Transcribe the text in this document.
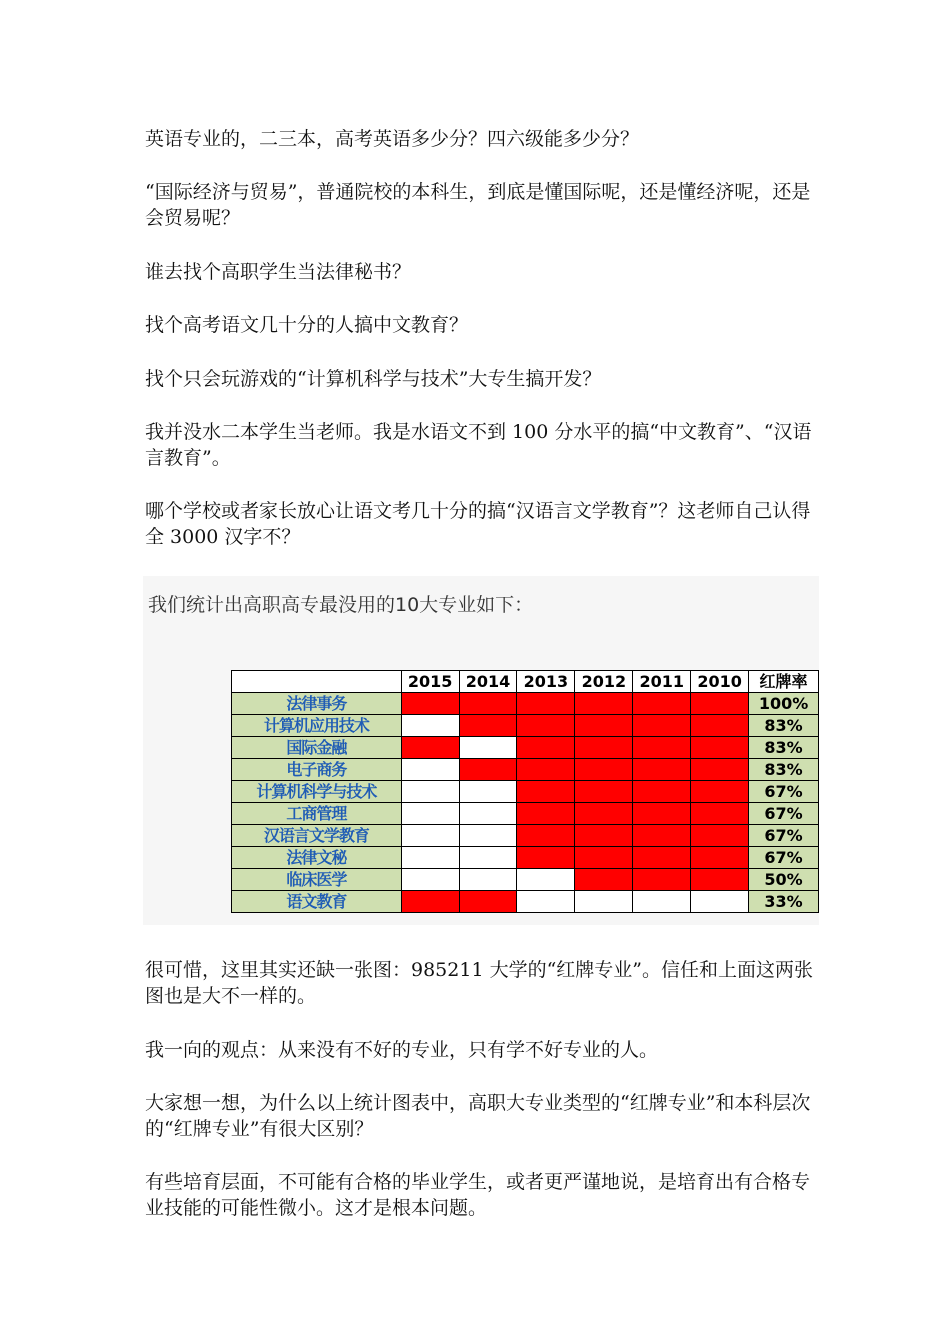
英语专业的，二三本，高考英语多少分？四六级能多少分？

“国际经济与贸易”，普通院校的本科生，到底是懂国际呢，还是懂经济呢，还是会贸易呢？

谁去找个高职学生当法律秘书？

找个高考语文几十分的人搞中文教育？

找个只会玩游戏的“计算机科学与技术”大专生搞开发？

我并没水二本学生当老师。我是水语文不到 100 分水平的搞“中文教育”、“汉语言教育”。

哪个学校或者家长放心让语文考几十分的搞“汉语言文学教育”？这老师自己认得全 3000 汉字不？

我们统计出高职高专最没用的10大专业如下：
	2015	2014	2013	2012	2011	2010	红牌率
法律事务							100%
计算机应用技术							83%
国际金融							83%
电子商务							83%
计算机科学与技术							67%
工商管理							67%
汉语言文学教育							67%
法律文秘							67%
临床医学							50%
语文教育							33%

很可惜，这里其实还缺一张图：985211 大学的“红牌专业”。信任和上面这两张图也是大不一样的。

我一向的观点：从来没有不好的专业，只有学不好专业的人。

大家想一想，为什么以上统计图表中，高职大专业类型的“红牌专业”和本科层次的“红牌专业”有很大区别？

有些培育层面，不可能有合格的毕业学生，或者更严谨地说，是培育出有合格专业技能的可能性微小。这才是根本问题。
